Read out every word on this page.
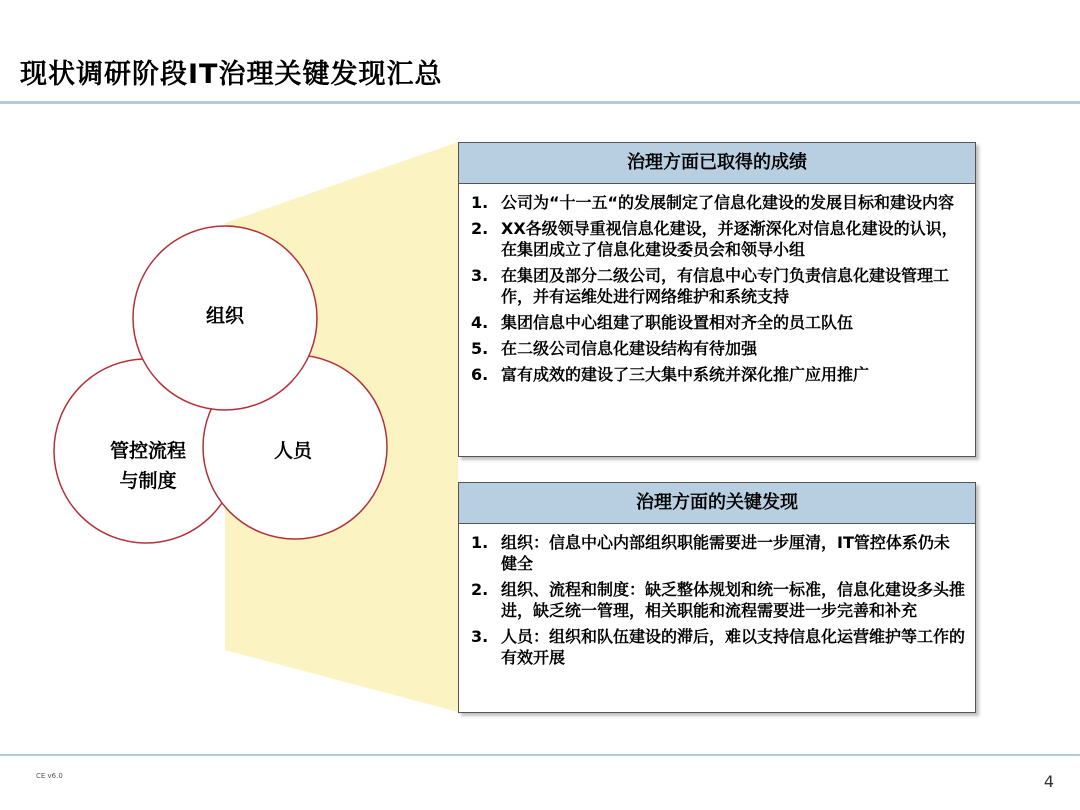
现状调研阶段IT治理关键发现汇总
组织
管控流程
与制度
人员
治理方面已取得的成绩
1. 公司为“十一五“的发展制定了信息化建设的发展目标和建设内容
2. XX各级领导重视信息化建设，并逐渐深化对信息化建设的认识，在集团成立了信息化建设委员会和领导小组
3. 在集团及部分二级公司，有信息中心专门负责信息化建设管理工作，并有运维处进行网络维护和系统支持
4. 集团信息中心组建了职能设置相对齐全的员工队伍
5. 在二级公司信息化建设结构有待加强
6. 富有成效的建设了三大集中系统并深化推广应用推广
治理方面的关键发现
1. 组织：信息中心内部组织职能需要进一步厘清，IT管控体系仍未健全
2. 组织、流程和制度：缺乏整体规划和统一标准，信息化建设多头推进，缺乏统一管理，相关职能和流程需要进一步完善和补充
3. 人员：组织和队伍建设的滞后，难以支持信息化运营维护等工作的有效开展
CE v6.0	4
